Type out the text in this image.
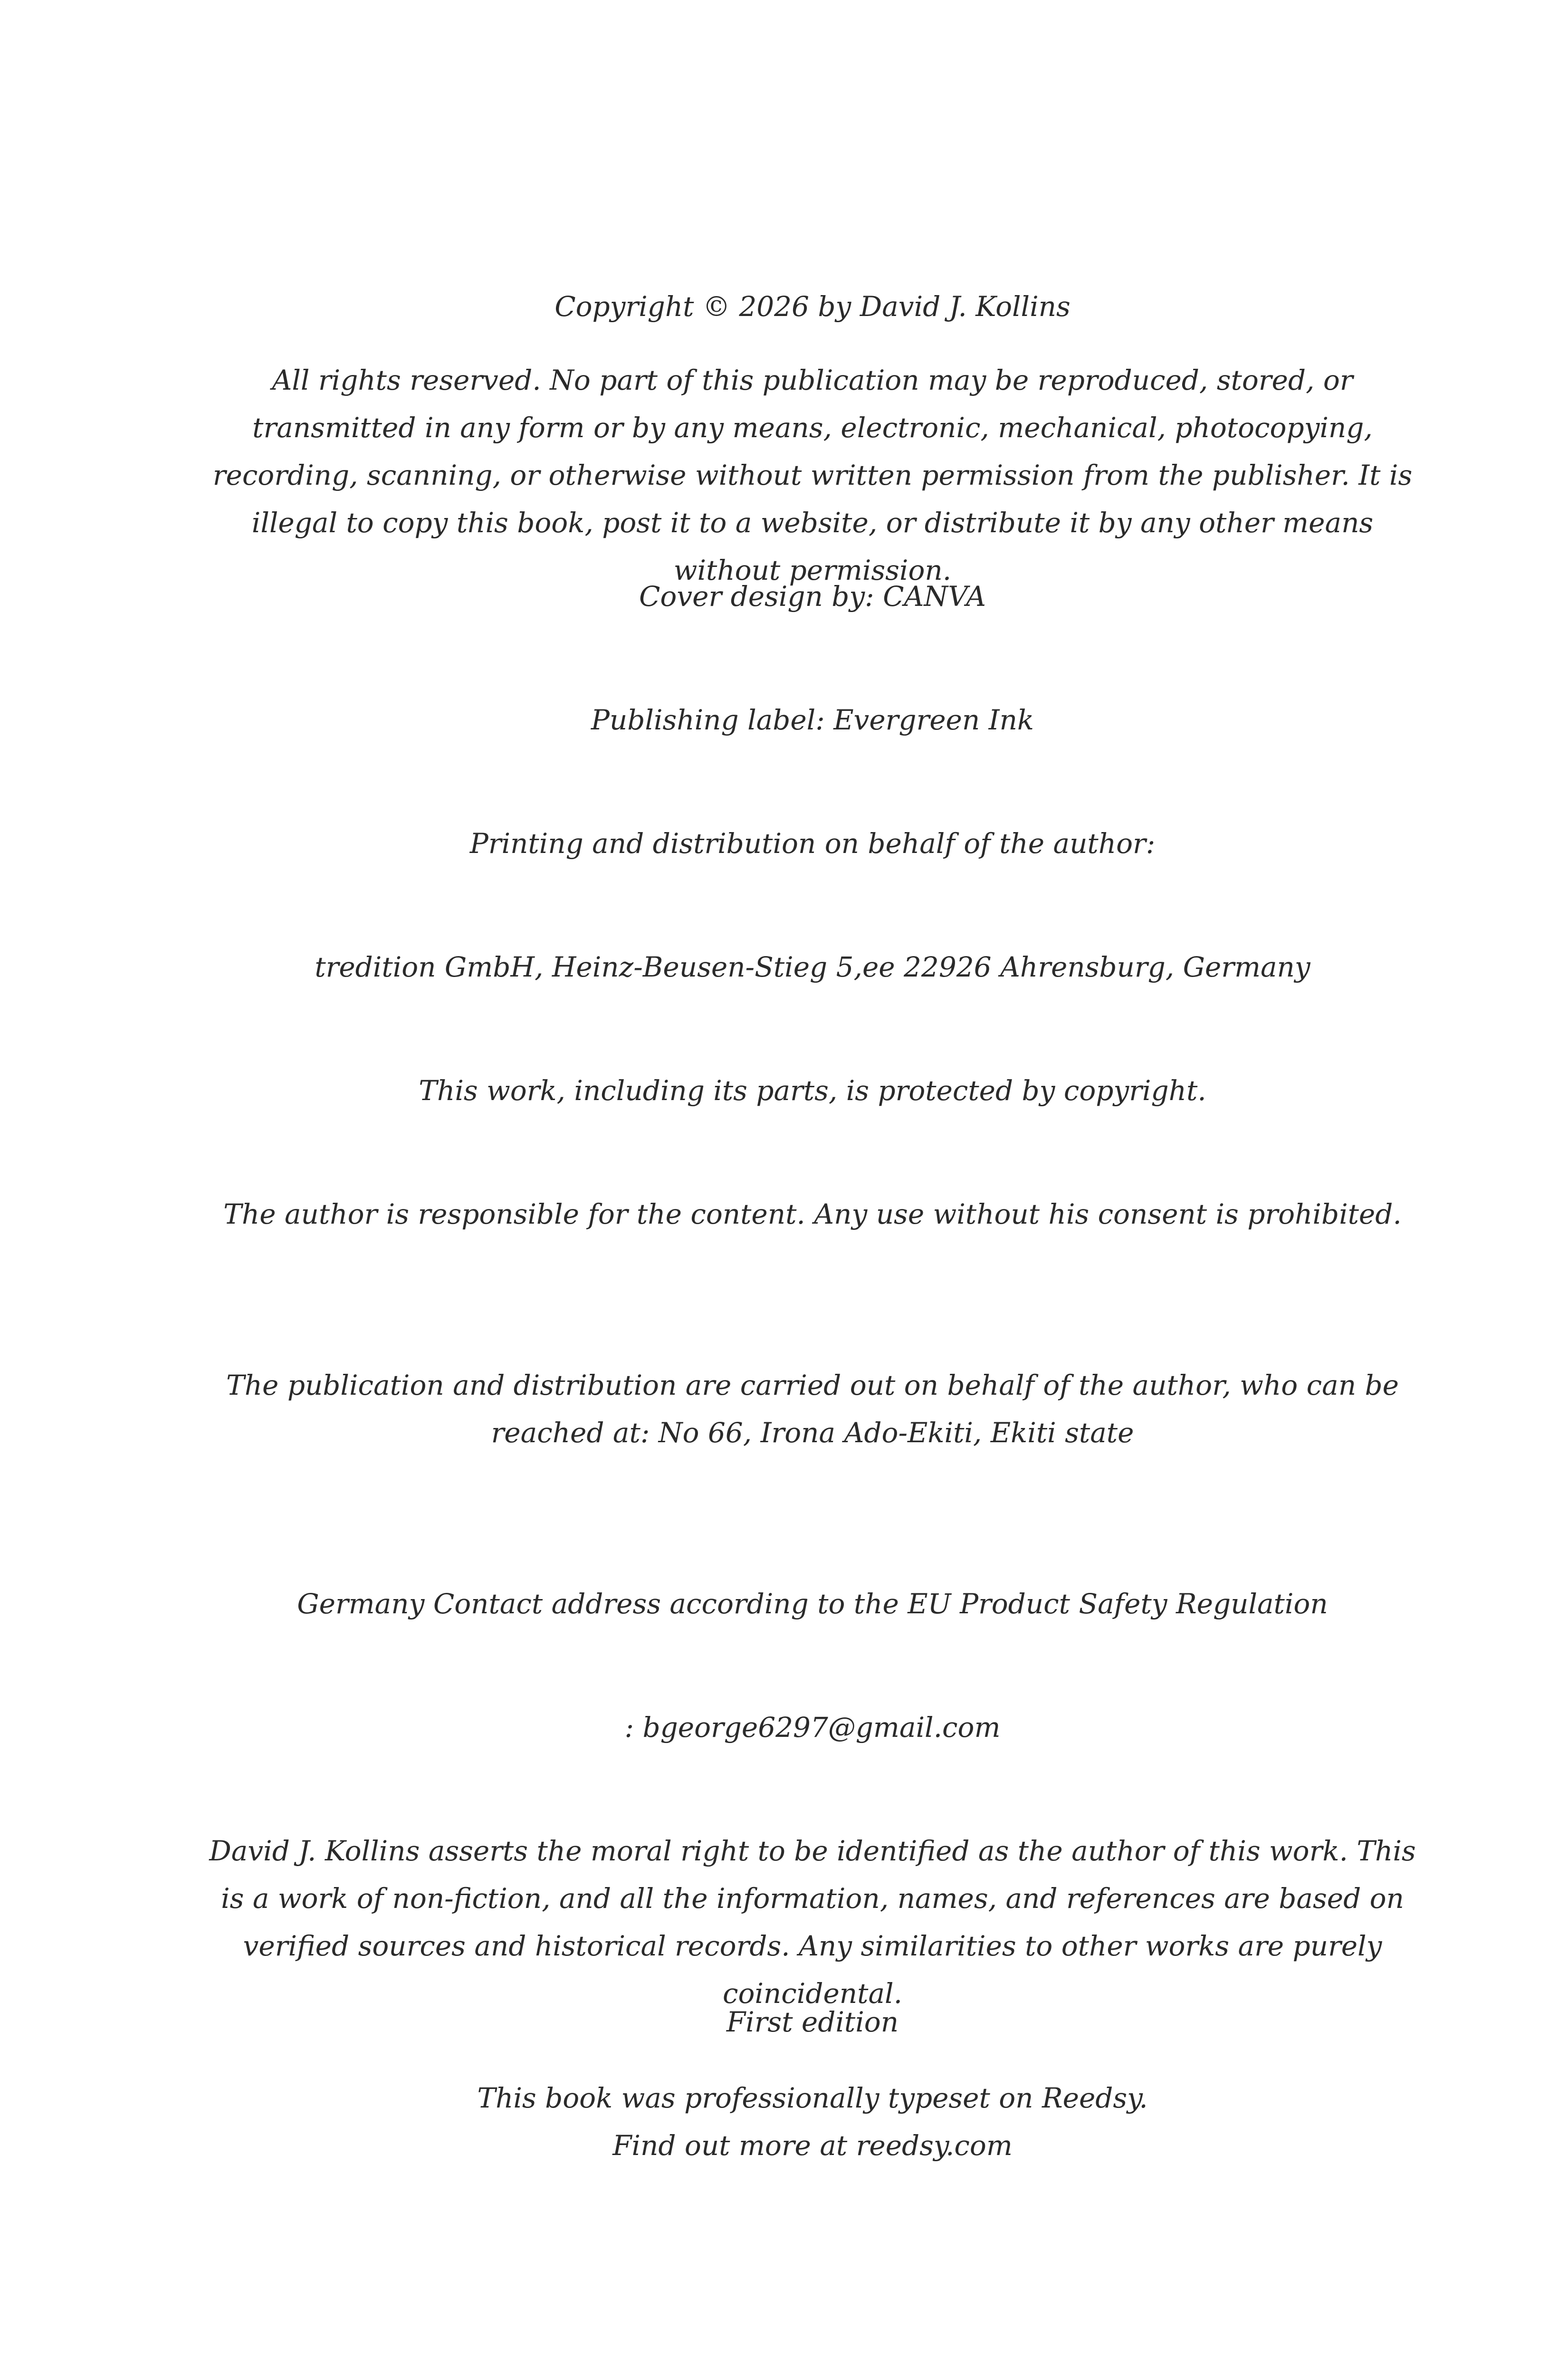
Copyright © 2026 by David J. Kollins

All rights reserved. No part of this publication may be reproduced, stored, or transmitted in any form or by any means, electronic, mechanical, photocopying, recording, scanning, or otherwise without written permission from the publisher. It is illegal to copy this book, post it to a website, or distribute it by any other means without permission.

Cover design by: CANVA

Publishing label: Evergreen Ink

Printing and distribution on behalf of the author:

tredition GmbH, Heinz-Beusen-Stieg 5,ee 22926 Ahrensburg, Germany

This work, including its parts, is protected by copyright.

The author is responsible for the content. Any use without his consent is prohibited.

The publication and distribution are carried out on behalf of the author, who can be reached at: No 66, Irona Ado-Ekiti, Ekiti state

Germany Contact address according to the EU Product Safety Regulation

: bgeorge6297@gmail.com

David J. Kollins asserts the moral right to be identified as the author of this work. This is a work of non-fiction, and all the information, names, and references are based on verified sources and historical records. Any similarities to other works are purely coincidental.

First edition

This book was professionally typeset on Reedsy.
Find out more at reedsy.com
